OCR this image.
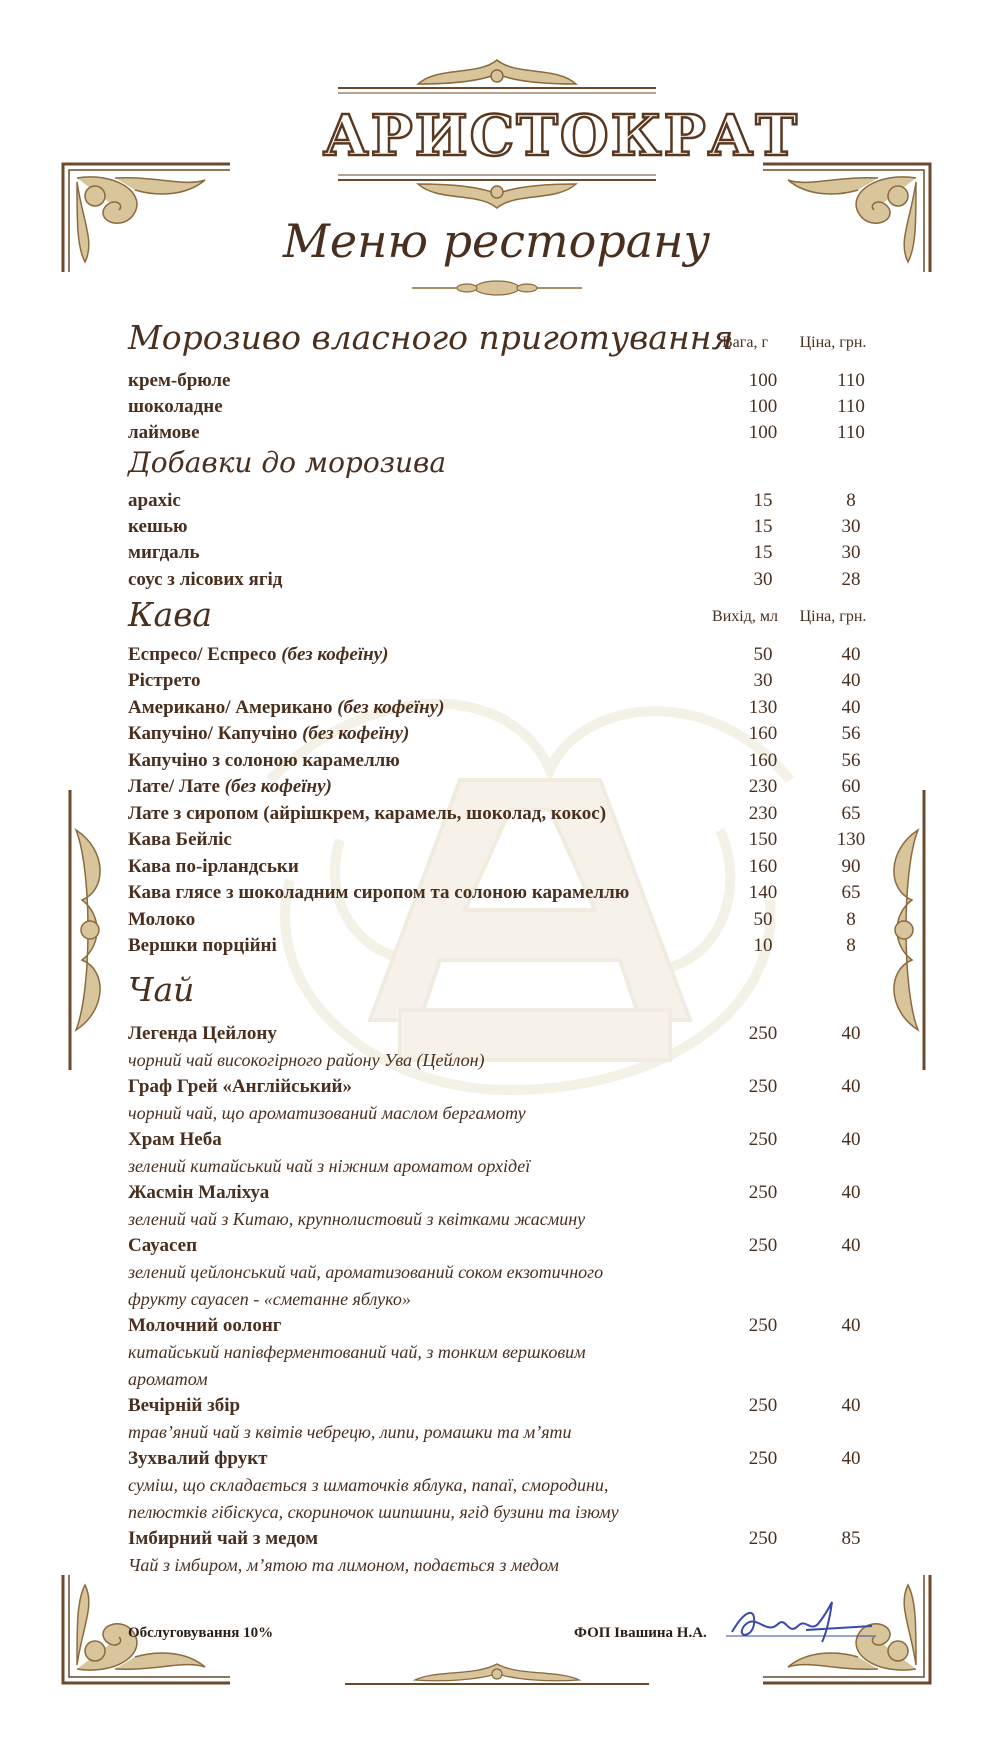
АРИСТОКРАТ
Меню ресторану
Морозиво власного приготування
Вага, г	Ціна, грн.
крем-брюле	100	110
шоколадне	100	110
лаймове	100	110
Добавки до морозива
арахіс	15	8
кешью	15	30
мигдаль	15	30
соус з лісових ягід	30	28
Кава	Вихід, мл	Ціна, грн.
Еспресо/ Еспресо (без кофеїну)	50	40
Рістрето	30	40
Американо/ Американо (без кофеїну)	130	40
Капучіно/ Капучіно (без кофеїну)	160	56
Капучіно з солоною карамеллю	160	56
Лате/ Лате (без кофеїну)	230	60
Лате з сиропом (айрішкрем, карамель, шоколад, кокос)	230	65
Кава Бейліс	150	130
Кава по-ірландськи	160	90
Кава глясе з шоколадним сиропом та солоною карамеллю	140	65
Молоко	50	8
Вершки порційні	10	8
Чай
Легенда Цейлону	250	40
чорний чай високогірного району Ува (Цейлон)
Граф Грей «Англійський»	250	40
чорний чай, що ароматизований маслом бергамоту
Храм Неба	250	40
зелений китайський чай з ніжним ароматом орхідеї
Жасмін Маліхуа	250	40
зелений чай з Китаю, крупнолистовий з квітками жасмину
Сауасеп	250	40
зелений цейлонський чай, ароматизований соком екзотичного
фрукту сауасеп - «сметанне яблуко»
Молочний оолонг	250	40
китайський напівферментований чай, з тонким вершковим
ароматом
Вечірній збір	250	40
трав’яний чай з квітів чебрецю, липи, ромашки та м’яти
Зухвалий фрукт	250	40
суміш, що складається з шматочків яблука, папаї, смородини,
пелюстків гібіскуса, скориночок шипшини, ягід бузини та ізюму
Імбирний чай з медом	250	85
Чай з імбиром, м’ятою та лимоном, подається з медом
Обслуговування 10%	ФОП Івашина Н.А.
